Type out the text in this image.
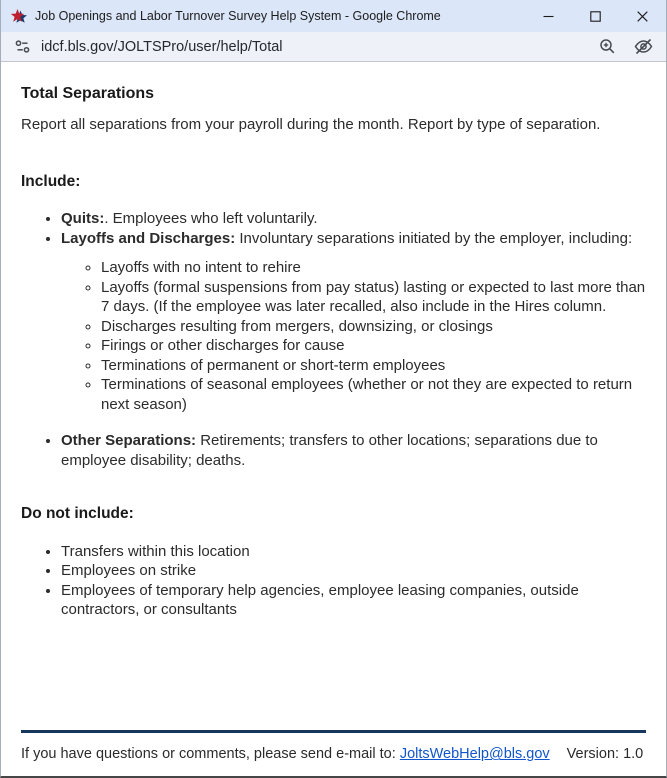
Job Openings and Labor Turnover Survey Help System - Google Chrome
idcf.bls.gov/JOLTSPro/user/help/Total
Total Separations

Report all separations from your payroll during the month. Report by type of separation.

Include:
• Quits:. Employees who left voluntarily.
• Layoffs and Discharges: Involuntary separations initiated by the employer, including:
◦ Layoffs with no intent to rehire
◦ Layoffs (formal suspensions from pay status) lasting or expected to last more than 7 days. (If the employee was later recalled, also include in the Hires column.
◦ Discharges resulting from mergers, downsizing, or closings
◦ Firings or other discharges for cause
◦ Terminations of permanent or short-term employees
◦ Terminations of seasonal employees (whether or not they are expected to return next season)
• Other Separations: Retirements; transfers to other locations; separations due to employee disability; deaths.
Do not include:
• Transfers within this location
• Employees on strike
• Employees of temporary help agencies, employee leasing companies, outside contractors, or consultants
If you have questions or comments, please send e-mail to: JoltsWebHelp@bls.gov Version: 1.0
